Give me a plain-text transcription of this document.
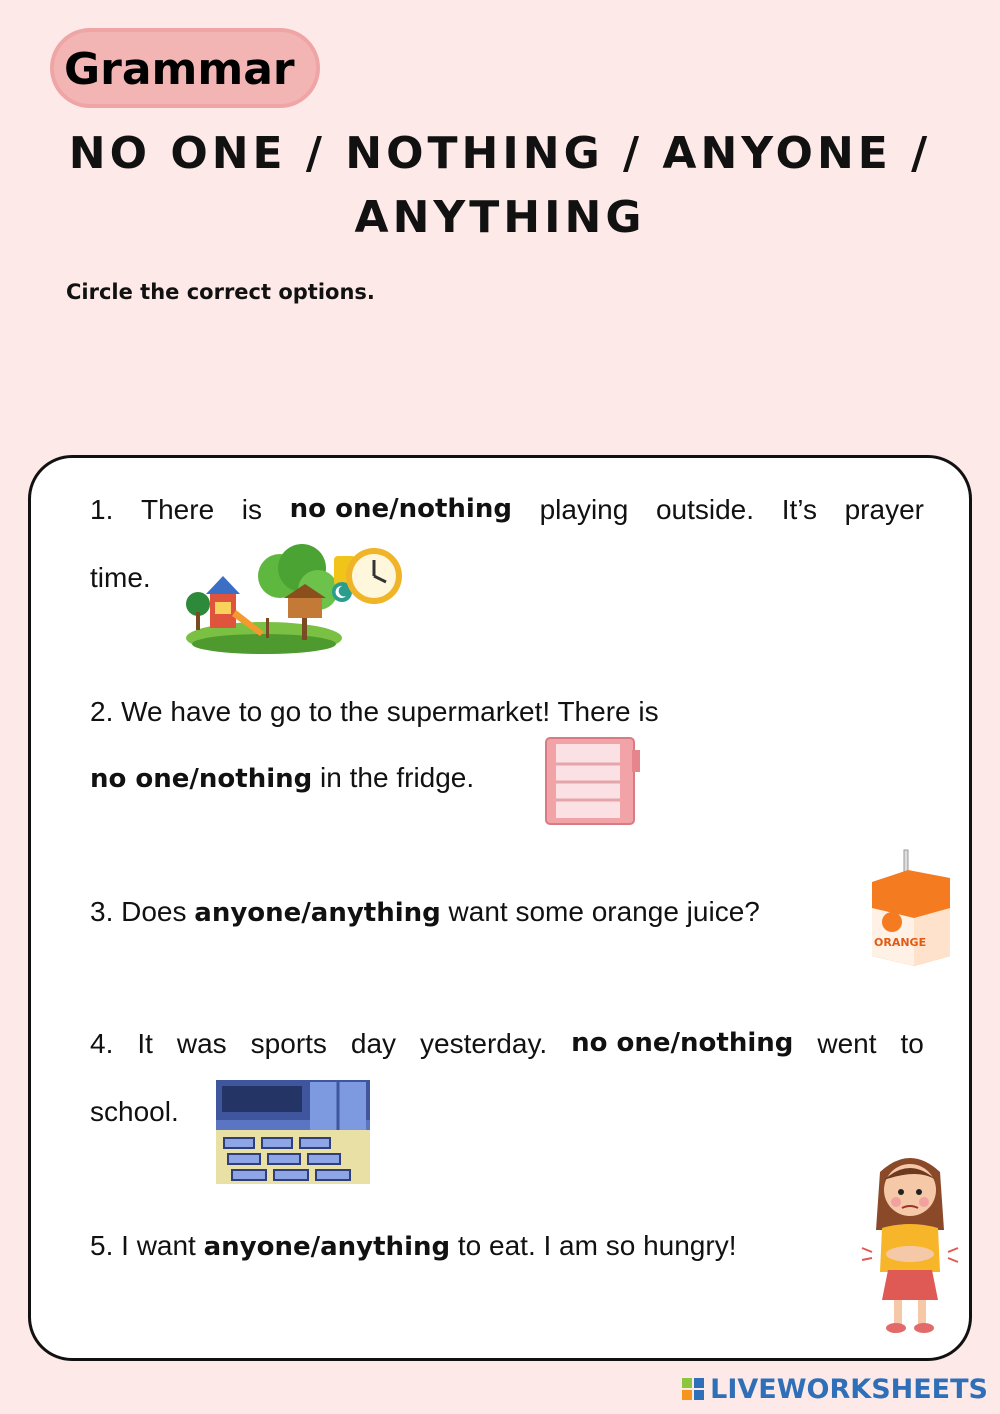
Grammar
NO ONE / NOTHING / ANYONE /
ANYTHING
Circle the correct options.
1. There is no one/nothing playing outside. It’s prayer
time.
2. We have to go to the supermarket! There is
no one/nothing in the fridge.
3. Does anyone/anything want some orange juice?
ORANGE
4. It was sports day yesterday. no one/nothing went to
school.
5. I want anyone/anything to eat. I am so hungry!
LIVEWORKSHEETS
